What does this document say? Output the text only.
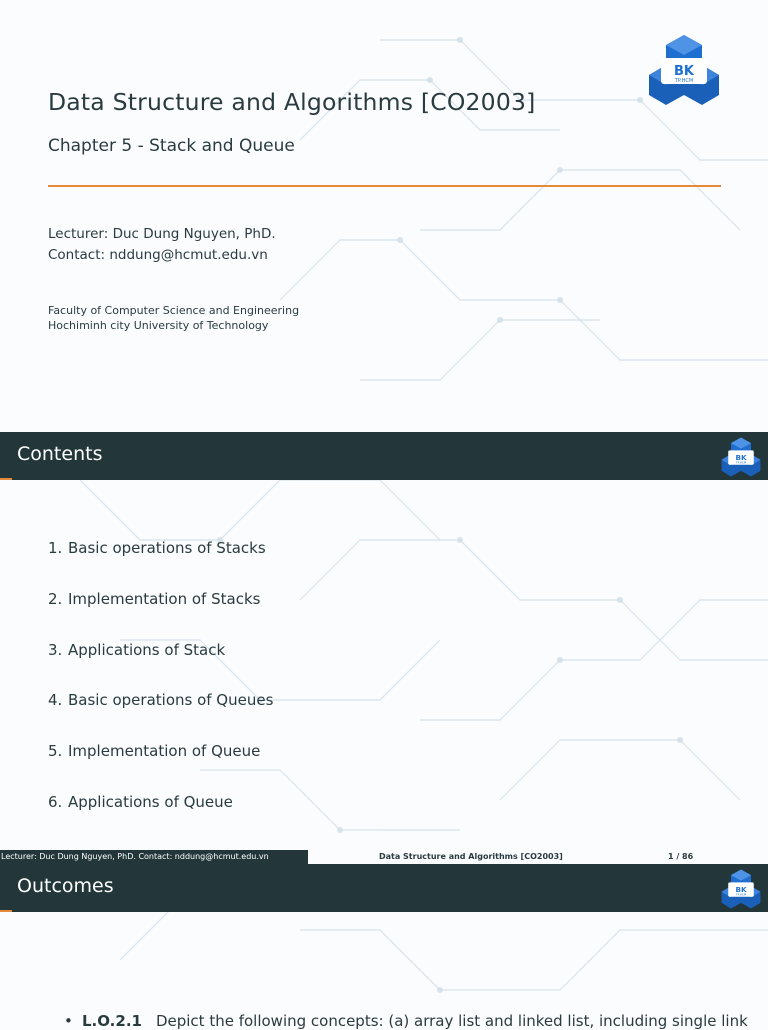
Data Structure and Algorithms [CO2003]
Chapter 5 - Stack and Queue
Lecturer: Duc Dung Nguyen, PhD.
Contact: nddung@hcmut.edu.vn
Faculty of Computer Science and Engineering
Hochiminh city University of Technology
BK
TP.HCM
Contents	BK
TP.HCM
1. Basic operations of Stacks
2. Implementation of Stacks
3. Applications of Stack
4. Basic operations of Queues
5. Implementation of Queue
6. Applications of Queue
Lecturer: Duc Dung Nguyen, PhD. Contact: nddung@hcmut.edu.vn	Data Structure and Algorithms [CO2003]	1 / 86
Outcomes	BK
TP.HCM
• L.O.2.1 Depict the following concepts: (a) array list and linked list, including single link
